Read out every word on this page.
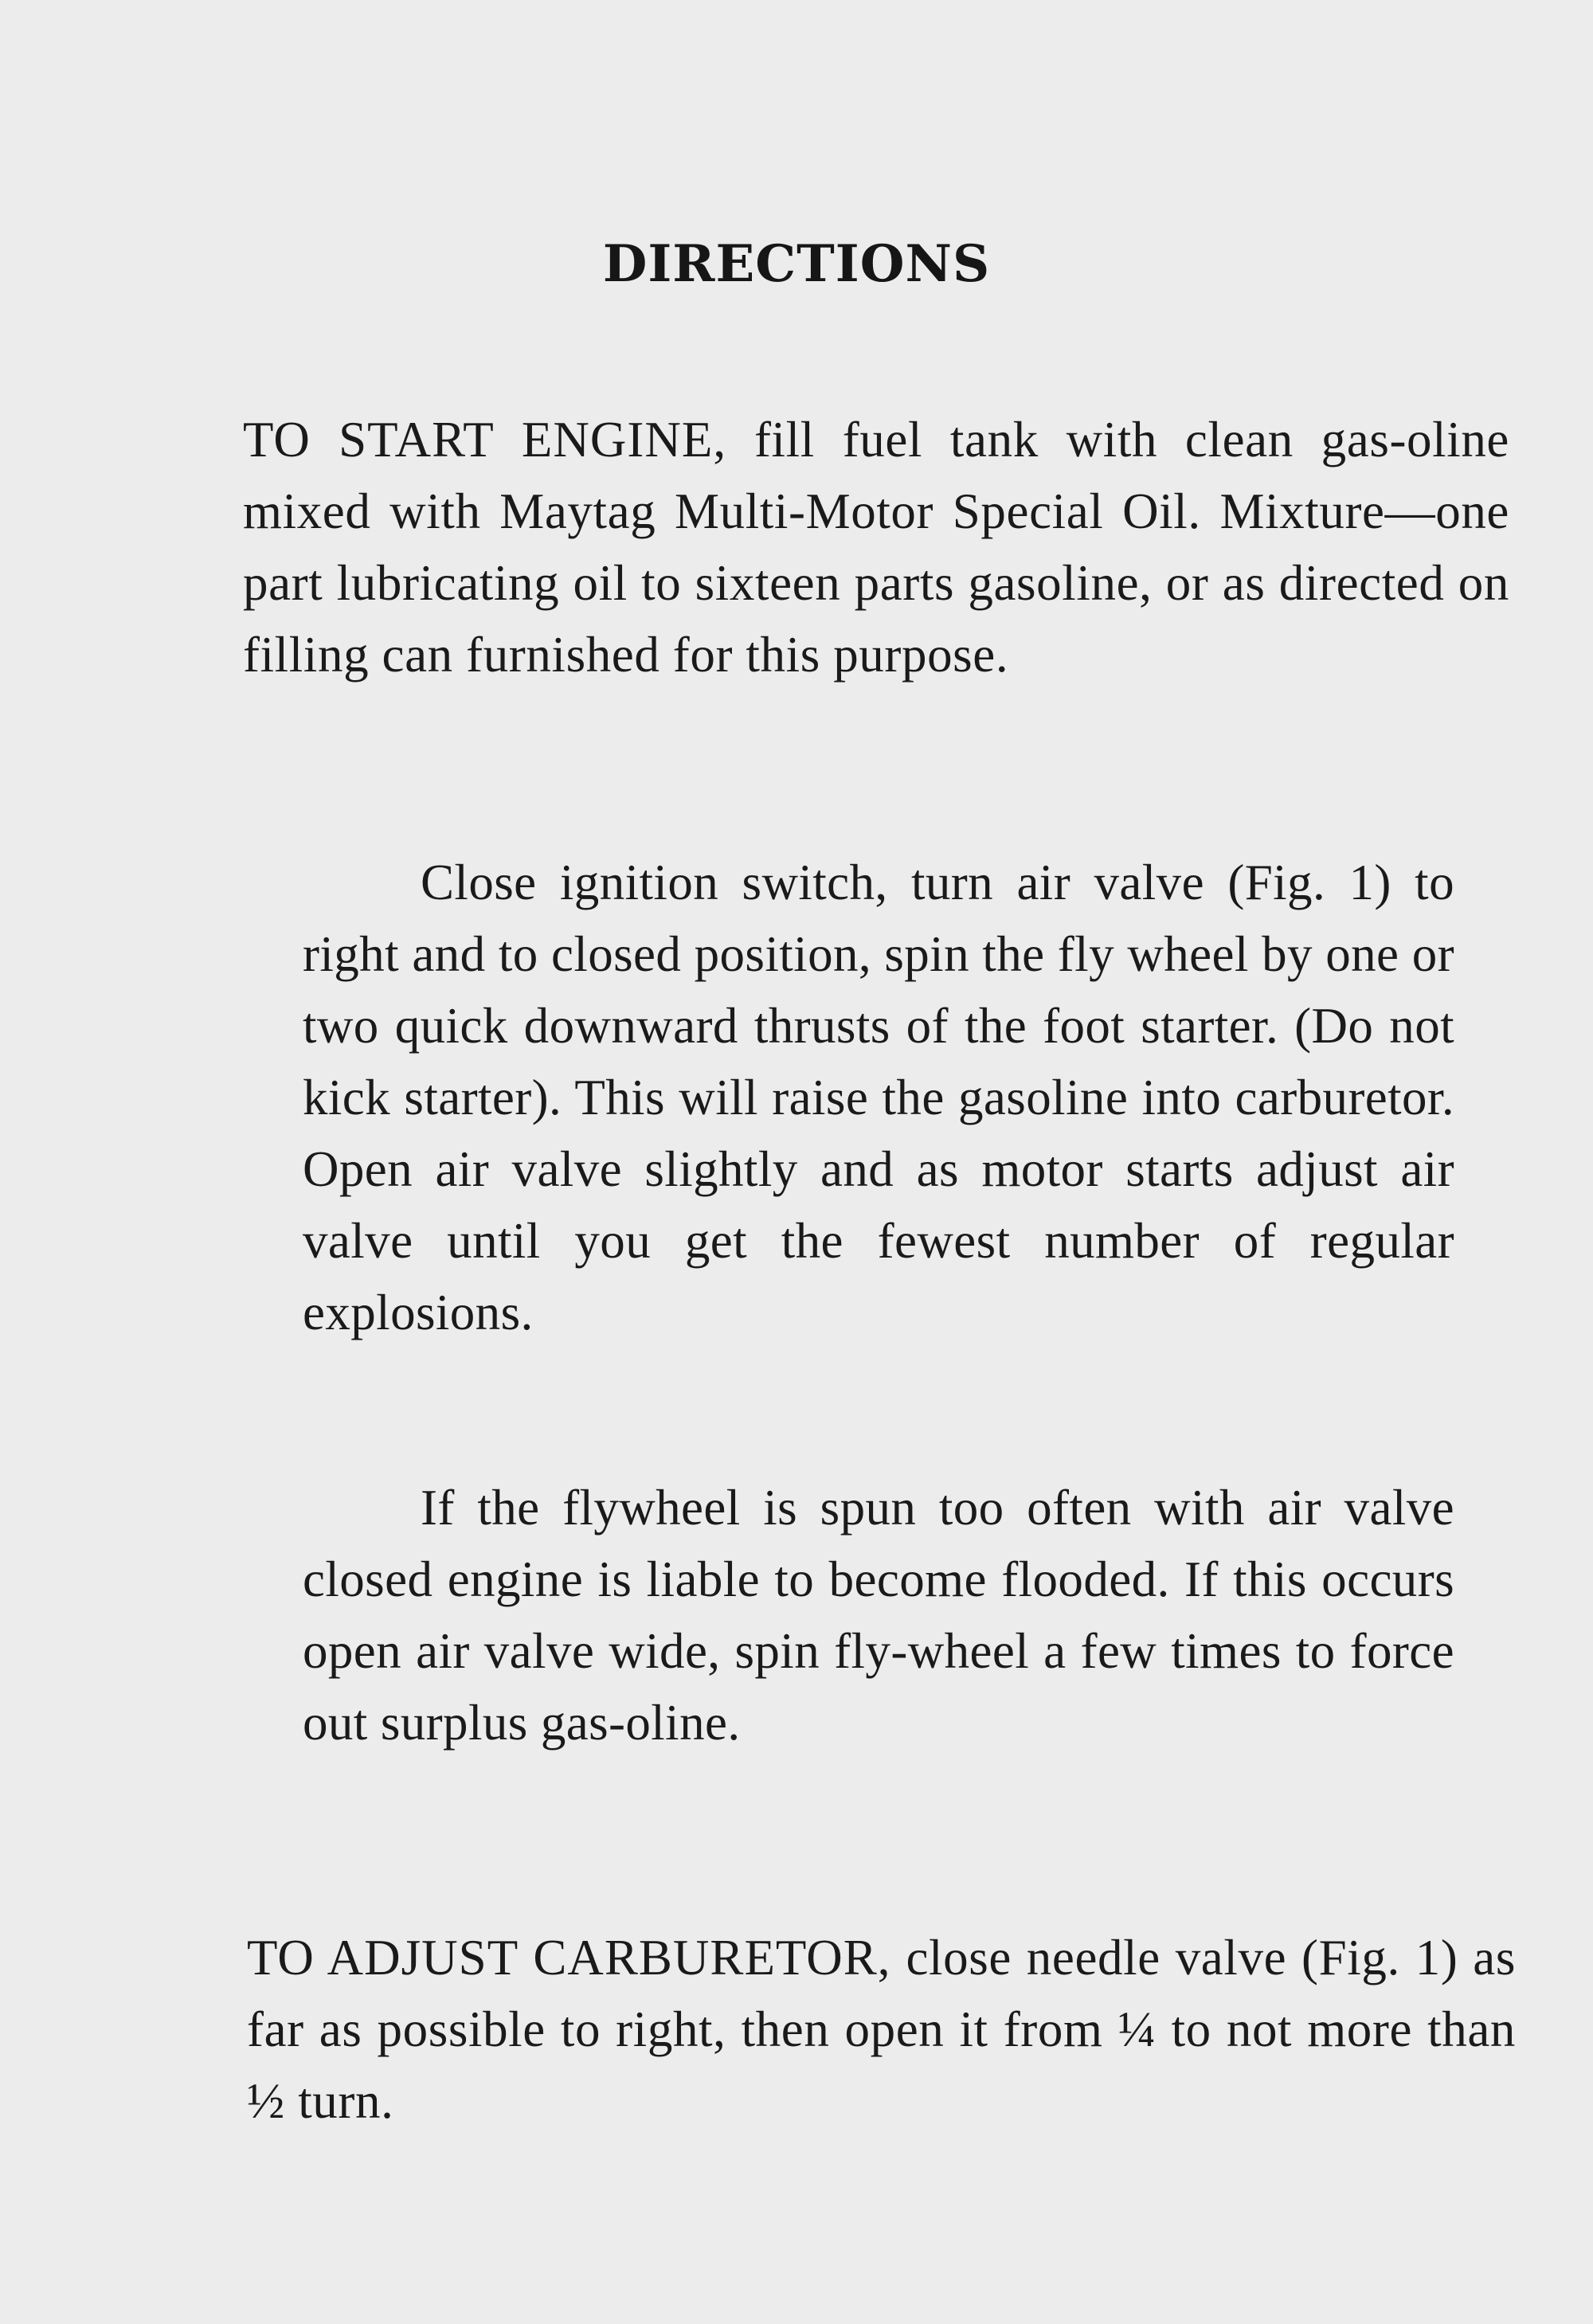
DIRECTIONS

TO START ENGINE, fill fuel tank with clean gas-oline mixed with Maytag Multi-Motor Special Oil. Mixture—one part lubricating oil to sixteen parts gasoline, or as directed on filling can furnished for this purpose.

Close ignition switch, turn air valve (Fig. 1) to right and to closed position, spin the fly wheel by one or two quick downward thrusts of the foot starter. (Do not kick starter). This will raise the gasoline into carburetor. Open air valve slightly and as motor starts adjust air valve until you get the fewest number of regular explosions.

If the flywheel is spun too often with air valve closed engine is liable to become flooded. If this occurs open air valve wide, spin fly-wheel a few times to force out surplus gas-oline.

TO ADJUST CARBURETOR, close needle valve (Fig. 1) as far as possible to right, then open it from ¼ to not more than ½ turn.
